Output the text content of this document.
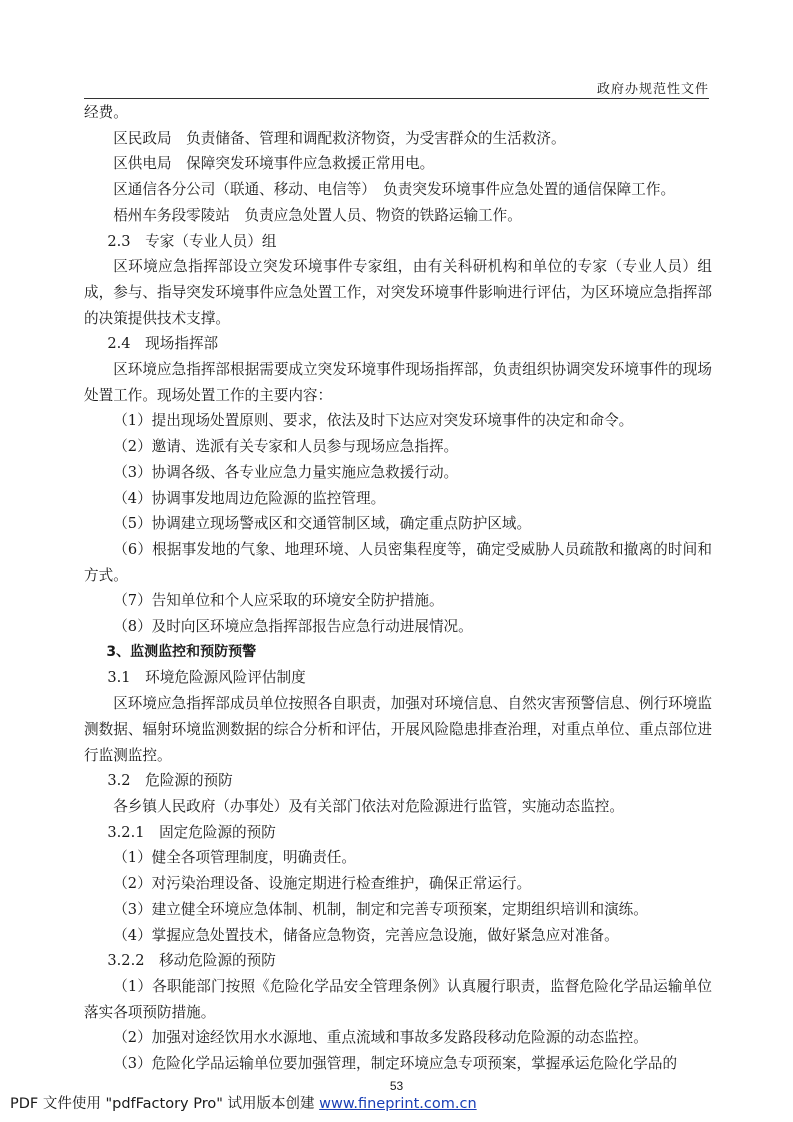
政府办规范性文件

经费。

区民政局　负责储备、管理和调配救济物资，为受害群众的生活救济。

区供电局　保障突发环境事件应急救援正常用电。

区通信各分公司（联通、移动、电信等）　负责突发环境事件应急处置的通信保障工作。

梧州车务段零陵站　负责应急处置人员、物资的铁路运输工作。

2.3　专家（专业人员）组

区环境应急指挥部设立突发环境事件专家组，由有关科研机构和单位的专家（专业人员）组成，参与、指导突发环境事件应急处置工作，对突发环境事件影响进行评估，为区环境应急指挥部的决策提供技术支撑。

2.4　现场指挥部

区环境应急指挥部根据需要成立突发环境事件现场指挥部，负责组织协调突发环境事件的现场处置工作。现场处置工作的主要内容：

（1）提出现场处置原则、要求，依法及时下达应对突发环境事件的决定和命令。

（2）邀请、选派有关专家和人员参与现场应急指挥。

（3）协调各级、各专业应急力量实施应急救援行动。

（4）协调事发地周边危险源的监控管理。

（5）协调建立现场警戒区和交通管制区域，确定重点防护区域。

（6）根据事发地的气象、地理环境、人员密集程度等，确定受威胁人员疏散和撤离的时间和方式。

（7）告知单位和个人应采取的环境安全防护措施。

（8）及时向区环境应急指挥部报告应急行动进展情况。

3、监测监控和预防预警

3.1　环境危险源风险评估制度

区环境应急指挥部成员单位按照各自职责，加强对环境信息、自然灾害预警信息、例行环境监测数据、辐射环境监测数据的综合分析和评估，开展风险隐患排查治理，对重点单位、重点部位进行监测监控。

3.2　危险源的预防

各乡镇人民政府（办事处）及有关部门依法对危险源进行监管，实施动态监控。

3.2.1　固定危险源的预防

（1）健全各项管理制度，明确责任。

（2）对污染治理设备、设施定期进行检查维护，确保正常运行。

（3）建立健全环境应急体制、机制，制定和完善专项预案，定期组织培训和演练。

（4）掌握应急处置技术，储备应急物资，完善应急设施，做好紧急应对准备。

3.2.2　移动危险源的预防

（1）各职能部门按照《危险化学品安全管理条例》认真履行职责，监督危险化学品运输单位落实各项预防措施。

（2）加强对途经饮用水水源地、重点流域和事故多发路段移动危险源的动态监控。

（3）危险化学品运输单位要加强管理，制定环境应急专项预案，掌握承运危险化学品的

53
PDF 文件使用 "pdfFactory Pro" 试用版本创建 www.fineprint.com.cn
